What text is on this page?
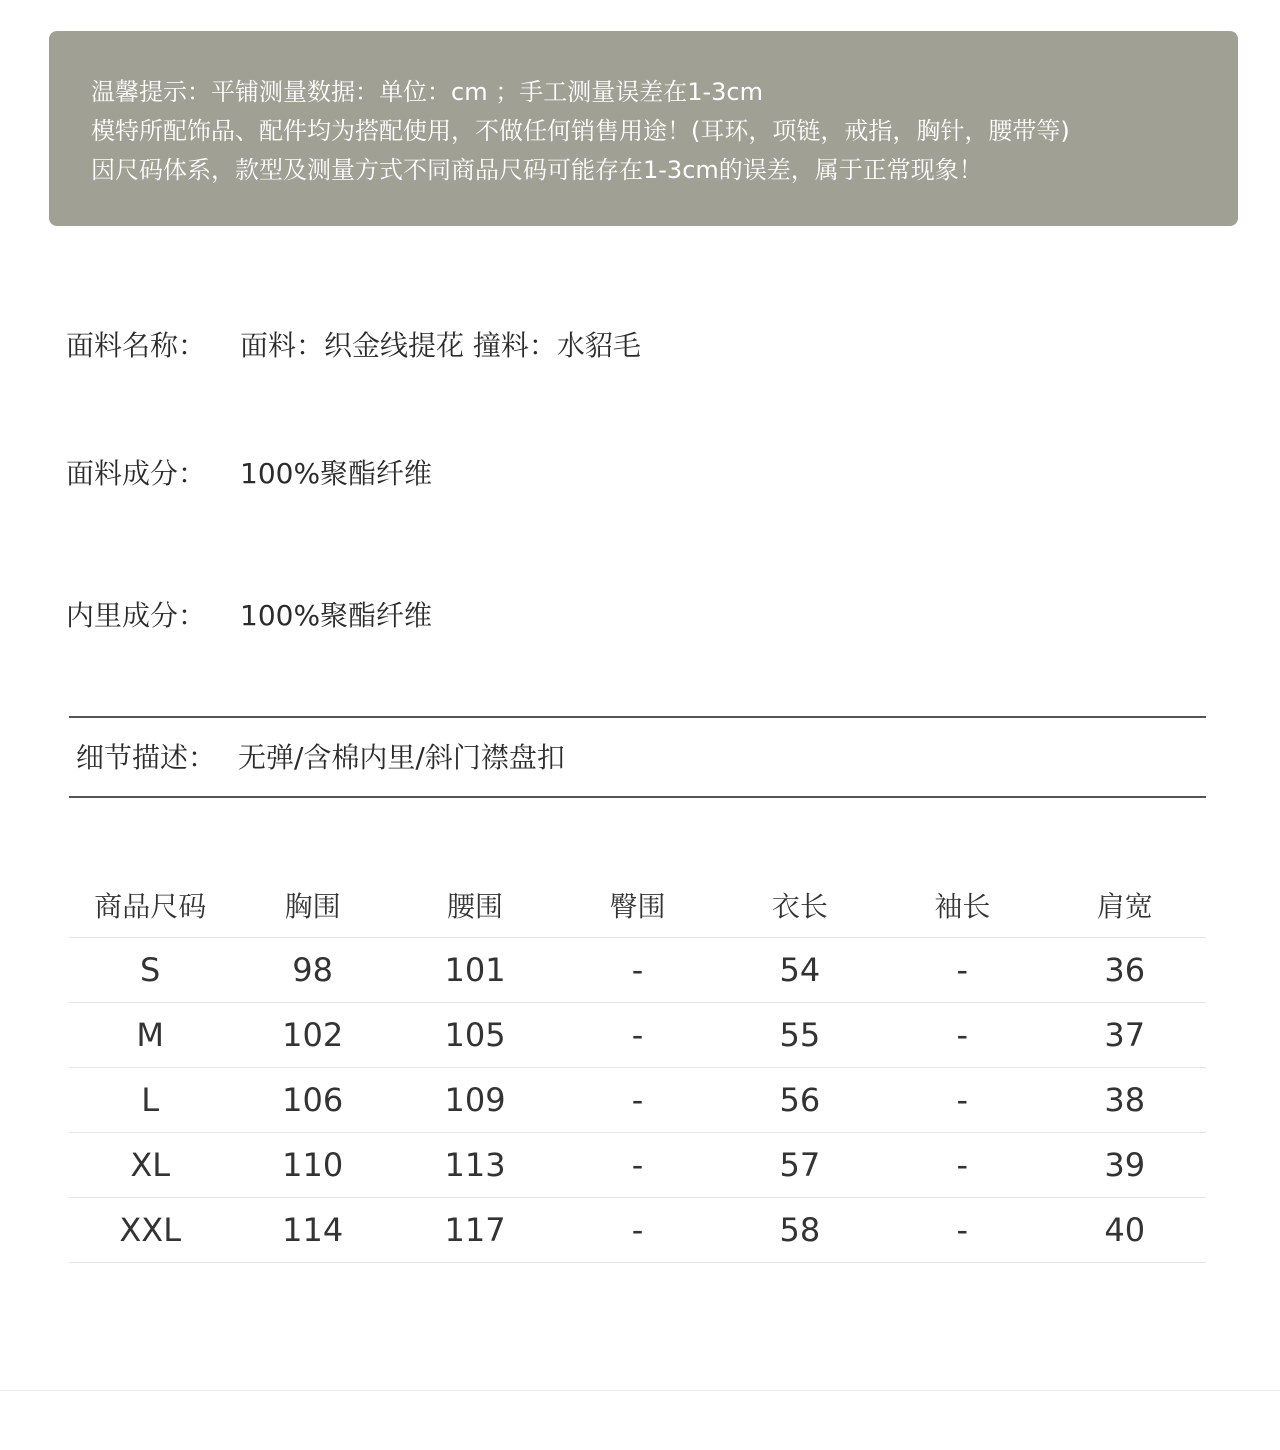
温馨提示：平铺测量数据：单位：cm ；手工测量误差在1-3cm
模特所配饰品、配件均为搭配使用，不做任何销售用途！(耳环，项链，戒指，胸针，腰带等)
因尺码体系，款型及测量方式不同商品尺码可能存在1-3cm的误差，属于正常现象！
面料名称： 面料：织金线提花 撞料：水貂毛
面料成分： 100%聚酯纤维
内里成分： 100%聚酯纤维
细节描述： 无弹/含棉内里/斜门襟盘扣
商品尺码	胸围	腰围	臀围	衣长	袖长	肩宽
S	98	101	-	54	-	36
M	102	105	-	55	-	37
L	106	109	-	56	-	38
XL	110	113	-	57	-	39
XXL	114	117	-	58	-	40
